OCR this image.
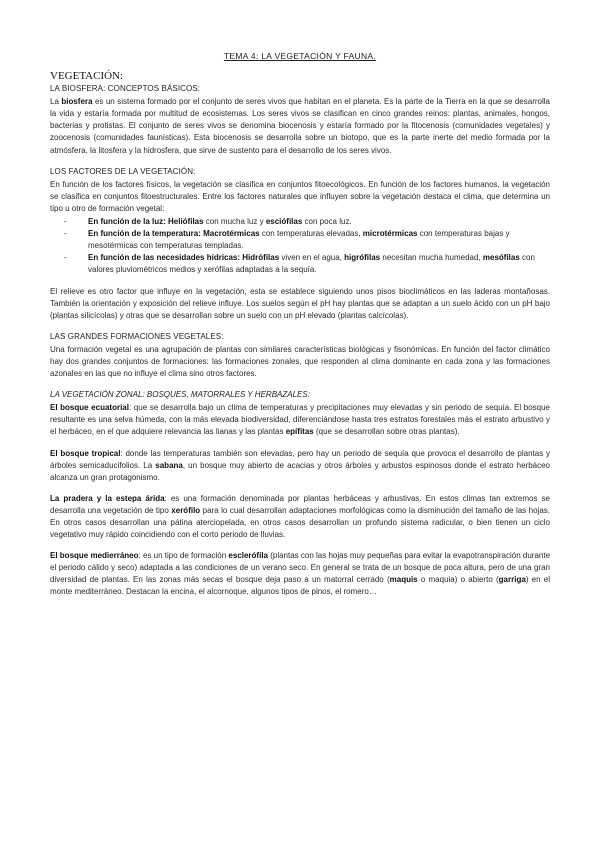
TEMA 4: LA VEGETACIÓN Y FAUNA.
VEGETACIÓN:
LA BIOSFERA: CONCEPTOS BÁSICOS:

La biosfera es un sistema formado por el conjunto de seres vivos que habitan en el planeta. Es la parte de la Tierra en la que se desarrolla la vida y estaría formada por multitud de ecosistemas. Los seres vivos se clasifican en cinco grandes reinos: plantas, animales, hongos, bacterias y protistas. El conjunto de seres vivos se denomina biocenosis y estaría formado por la fitocenosis (comunidades vegetales) y zoocenosis (comunidades faunísticas). Esta biocenosis se desarrolla sobre un biotopo, que es la parte inerte del medio formada por la atmósfera, la litosfera y la hidrosfera, que sirve de sustento para el desarrollo de los seres vivos.

LOS FACTORES DE LA VEGETACIÓN:

En función de los factores físicos, la vegetación se clasifica en conjuntos fitoecológicos. En función de los factores humanos, la vegetación se clasifica en conjuntos fitoestructurales. Entre los factores naturales que influyen sobre la vegetación destaca el clima, que determina un tipo u otro de formación vegetal:

- En función de la luz: Heliófilas con mucha luz y esciófilas con poca luz.
- En función de la temperatura: Macrotérmicas con temperaturas elevadas, microtérmicas con temperaturas bajas y mesotérmicas con temperaturas templadas.
- En función de las necesidades hídricas: Hidrófilas viven en el agua, higrófilas necesitan mucha humedad, mesófilas con valores pluviométricos medios y xerófilas adaptadas a la sequía.

El relieve es otro factor que influye en la vegetación, esta se establece siguiendo unos pisos bioclimáticos en las laderas montañosas. También la orientación y exposición del relieve influye. Los suelos según el pH hay plantas que se adaptan a un suelo ácido con un pH bajo (plantas silicícolas) y otras que se desarrollan sobre un suelo con un pH elevado (plantas calcícolas).

LAS GRANDES FORMACIONES VEGETALES:

Una formación vegetal es una agrupación de plantas con similares características biológicas y fisonómicas. En función del factor climático hay dos grandes conjuntos de formaciones: las formaciones zonales, que responden al clima dominante en cada zona y las formaciones azonales en las que no influye el clima sino otros factores.

LA VEGETACIÓN ZONAL: BOSQUES, MATORRALES Y HERBAZALES:

El bosque ecuatorial: que se desarrolla bajo un clima de temperaturas y precipitaciones muy elevadas y sin periodo de sequía. El bosque resultante es una selva húmeda, con la más elevada biodiversidad, diferenciándose hasta tres estratos forestales más el estrato arbustivo y el herbáceo, en el que adquiere relevancia las lianas y las plantas epífitas (que se desarrollan sobre otras plantas).

El bosque tropical: donde las temperaturas también son elevadas, pero hay un periodo de sequía que provoca el desarrollo de plantas y árboles semicaducifolios. La sabana, un bosque muy abierto de acacias y otros árboles y arbustos espinosos donde el estrato herbáceo alcanza un gran protagonismo.

La pradera y la estepa árida: es una formación denominada por plantas herbáceas y arbustivas. En estos climas tan extremos se desarrolla una vegetación de tipo xerófilo para lo cual desarrollan adaptaciones morfológicas como la disminución del tamaño de las hojas. En otros casos desarrollan una pátina aterciopelada, en otros casos desarrollan un profundo sistema radicular, o bien tienen un ciclo vegetativo muy rápido coincidiendo con el corto periodo de lluvias.

El bosque medierráneo: es un tipo de formación esclerófila (plantas con las hojas muy pequeñas para evitar la evapotranspiración durante el periodo cálido y seco) adaptada a las condiciones de un verano seco. En general se trata de un bosque de poca altura, pero de una gran diversidad de plantas. En las zonas más secas el bosque deja paso a un matorral cerrado (maquis o maquia) o abierto (garriga) en el monte mediterráneo. Destacan la encina, el alcornoque, algunos tipos de pinos, el romero…
